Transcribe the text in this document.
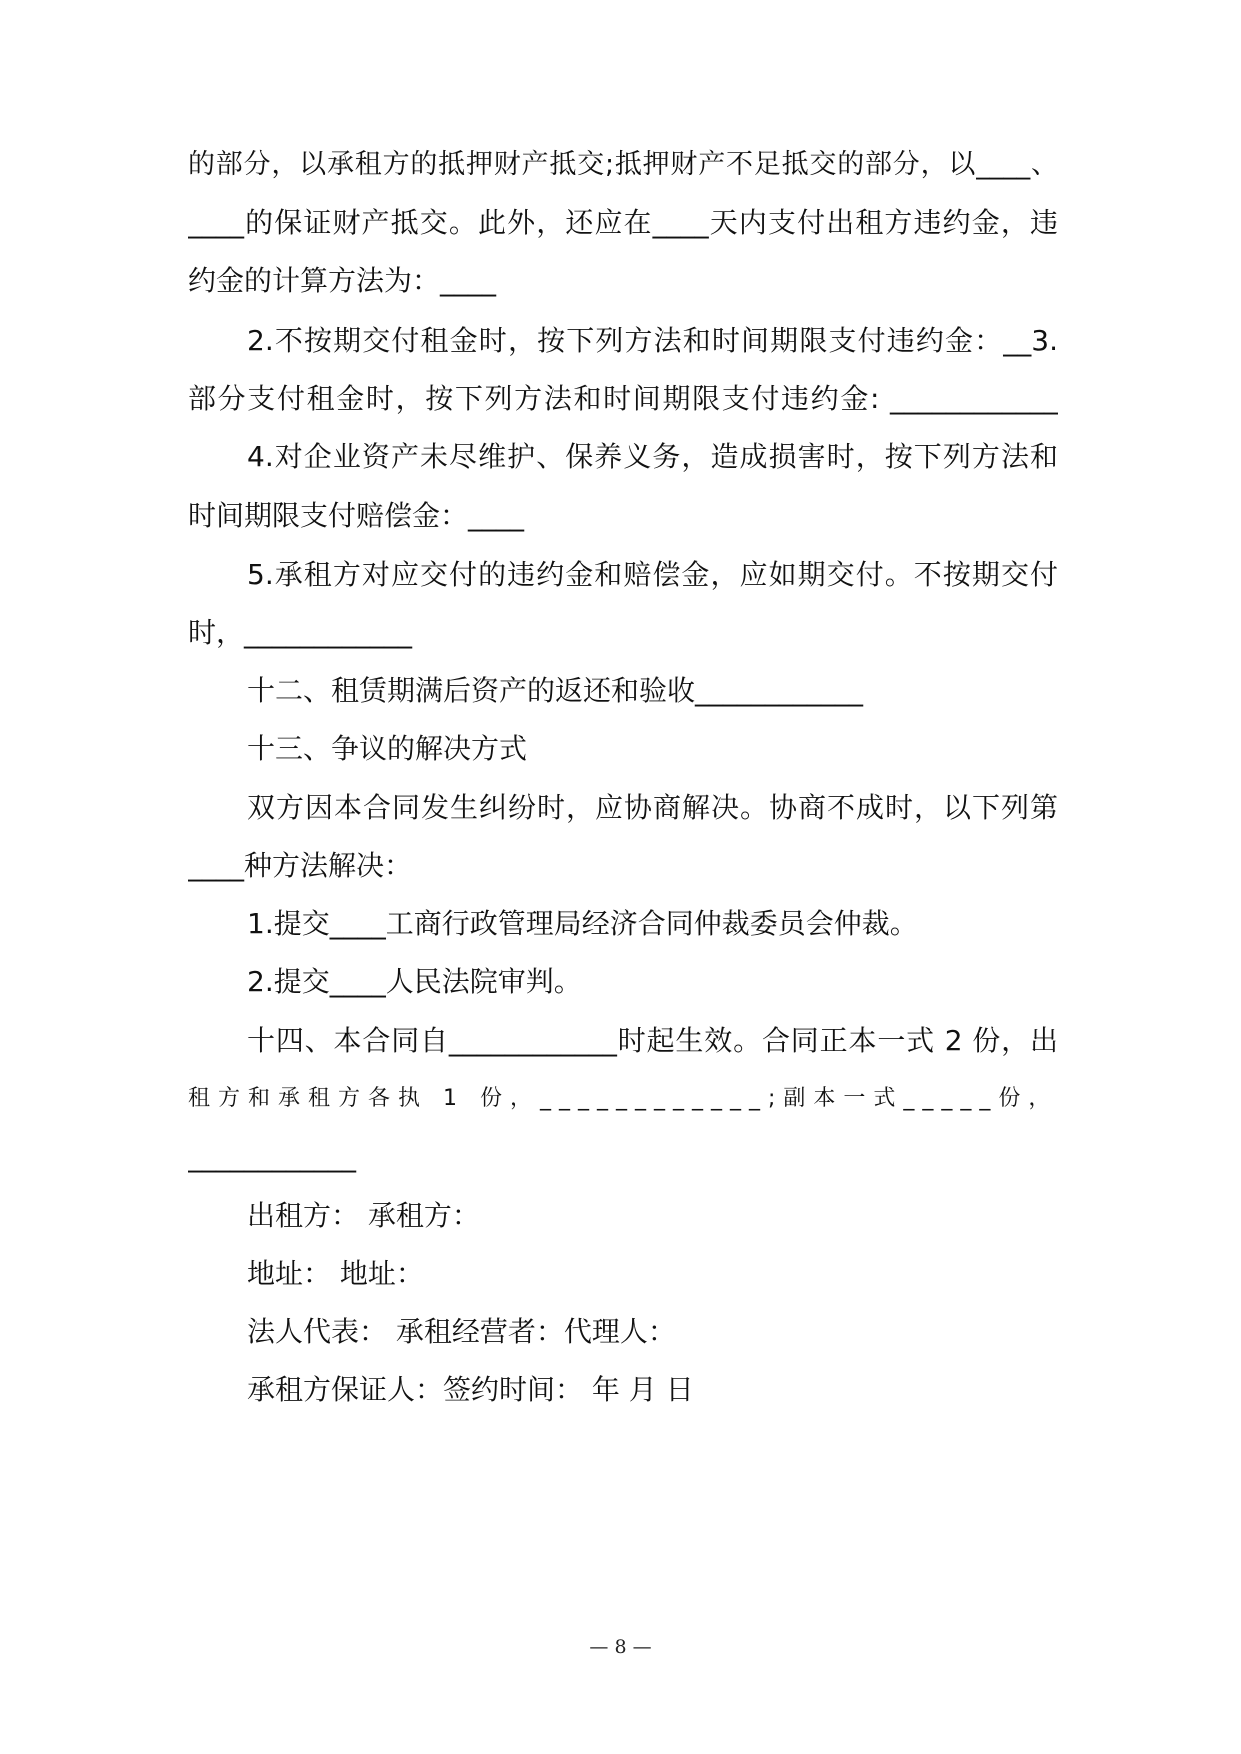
的部分，以承租方的抵押财产抵交;抵押财产不足抵交的部分，以____、
____的保证财产抵交。此外，还应在____天内支付出租方违约金，违
约金的计算方法为：____
2.不按期交付租金时，按下列方法和时间期限支付违约金：__3.
部分支付租金时，按下列方法和时间期限支付违约金: ____________
4.对企业资产未尽维护、保养义务，造成损害时，按下列方法和
时间期限支付赔偿金：____
5.承租方对应交付的违约金和赔偿金，应如期交付。不按期交付
时，____________
十二、租赁期满后资产的返还和验收____________
十三、争议的解决方式
双方因本合同发生纠纷时，应协商解决。协商不成时，以下列第
____种方法解决：
1.提交____工商行政管理局经济合同仲裁委员会仲裁。
2.提交____人民法院审判。
十四、本合同自____________时起生效。合同正本一式 2 份，出
租方和承租方各执 1 份，____________;副本一式_____份，
____________
出租方： 承租方：
地址： 地址：
法人代表： 承租经营者：代理人：
承租方保证人：签约时间： 年 月 日
— 8 —
